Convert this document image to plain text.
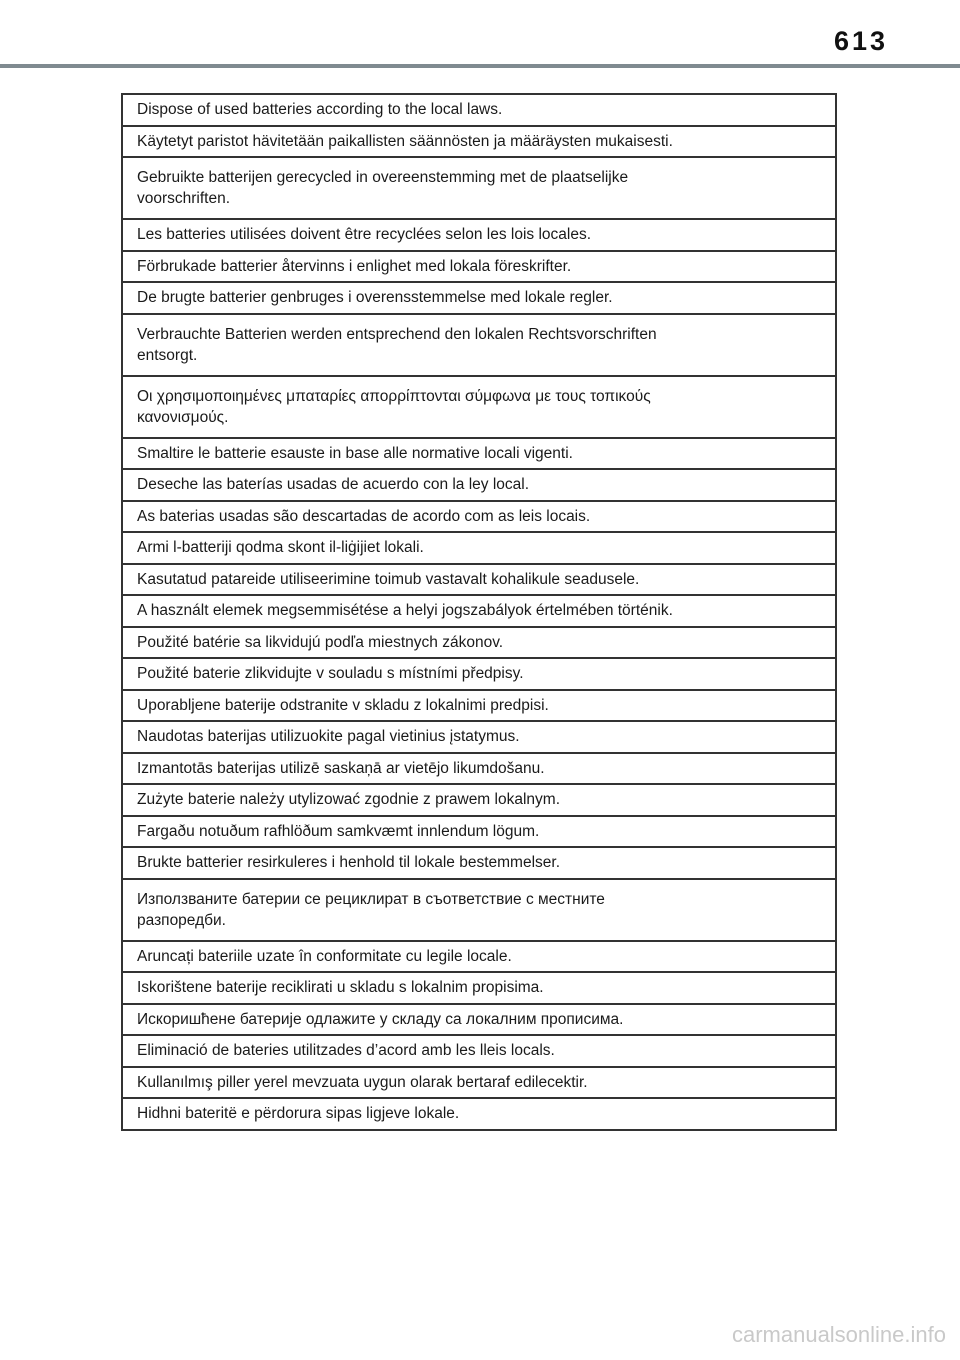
613
Dispose of used batteries according to the local laws.
Käytetyt paristot hävitetään paikallisten säännösten ja määräysten mukaisesti.
Gebruikte batterijen gerecycled in overeenstemming met de plaatselijke
voorschriften.
Les batteries utilisées doivent être recyclées selon les lois locales.
Förbrukade batterier återvinns i enlighet med lokala föreskrifter.
De brugte batterier genbruges i overensstemmelse med lokale regler.
Verbrauchte Batterien werden entsprechend den lokalen Rechtsvorschriften
entsorgt.
Οι χρησιμοποιημένες μπαταρίες απορρίπτονται σύμφωνα με τους τοπικούς
κανονισμούς.
Smaltire le batterie esauste in base alle normative locali vigenti.
Deseche las baterías usadas de acuerdo con la ley local.
As baterias usadas são descartadas de acordo com as leis locais.
Armi l-batteriji qodma skont il-liġijiet lokali.
Kasutatud patareide utiliseerimine toimub vastavalt kohalikule seadusele.
A használt elemek megsemmisétése a helyi jogszabályok értelmében történik.
Použité batérie sa likvidujú podľa miestnych zákonov.
Použité baterie zlikvidujte v souladu s místními předpisy.
Uporabljene baterije odstranite v skladu z lokalnimi predpisi.
Naudotas baterijas utilizuokite pagal vietinius įstatymus.
Izmantotās baterijas utilizē saskaņā ar vietējo likumdošanu.
Zużyte baterie należy utylizować zgodnie z prawem lokalnym.
Fargaðu notuðum rafhlöðum samkvæmt innlendum lögum.
Brukte batterier resirkuleres i henhold til lokale bestemmelser.
Използваните батерии се рециклират в съответствие с местните
разпоредби.
Aruncați bateriile uzate în conformitate cu legile locale.
Iskorištene baterije reciklirati u skladu s lokalnim propisima.
Искоришћене батерије одлажите у складу са локалним прописима.
Eliminació de bateries utilitzades d’acord amb les lleis locals.
Kullanılmış piller yerel mevzuata uygun olarak bertaraf edilecektir.
Hidhni bateritë e përdorura sipas ligjeve lokale.
carmanualsonline.info
